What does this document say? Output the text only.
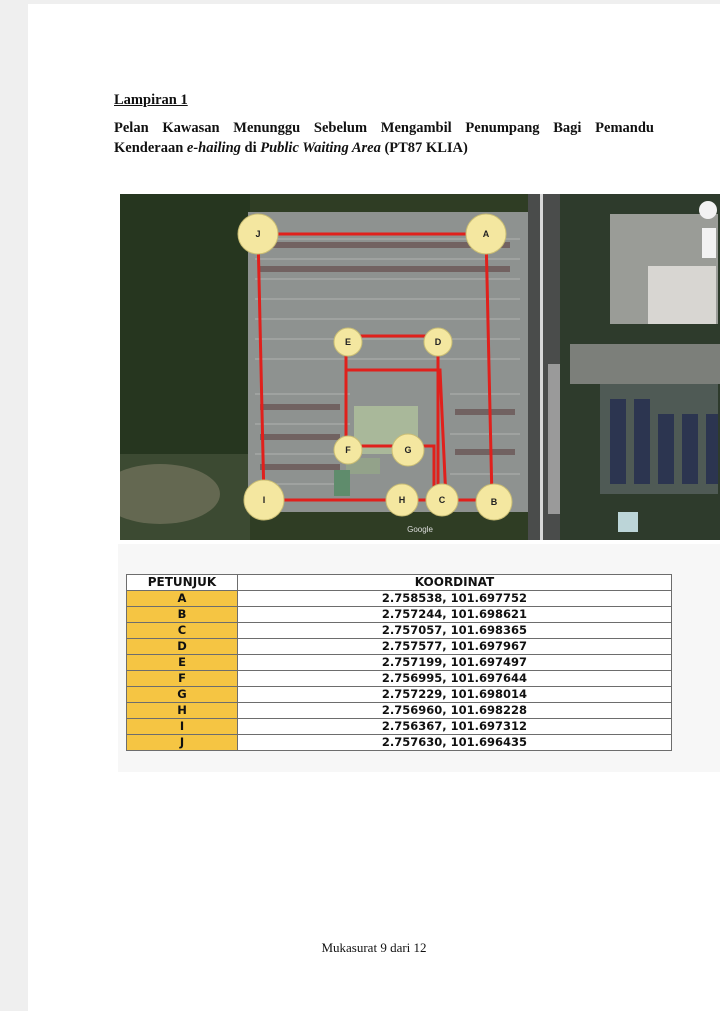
Lampiran 1
Pelan Kawasan Menunggu Sebelum Mengambil Penumpang Bagi Pemandu
Kenderaan e-hailing di Public Waiting Area (PT87 KLIA)
J	A
E	D
F	G
I	H	C	B
Google
PETUNJUK	KOORDINAT
A	2.758538, 101.697752
B	2.757244, 101.698621
C	2.757057, 101.698365
D	2.757577, 101.697967
E	2.757199, 101.697497
F	2.756995, 101.697644
G	2.757229, 101.698014
H	2.756960, 101.698228
I	2.756367, 101.697312
J	2.757630, 101.696435
Mukasurat 9 dari 12
